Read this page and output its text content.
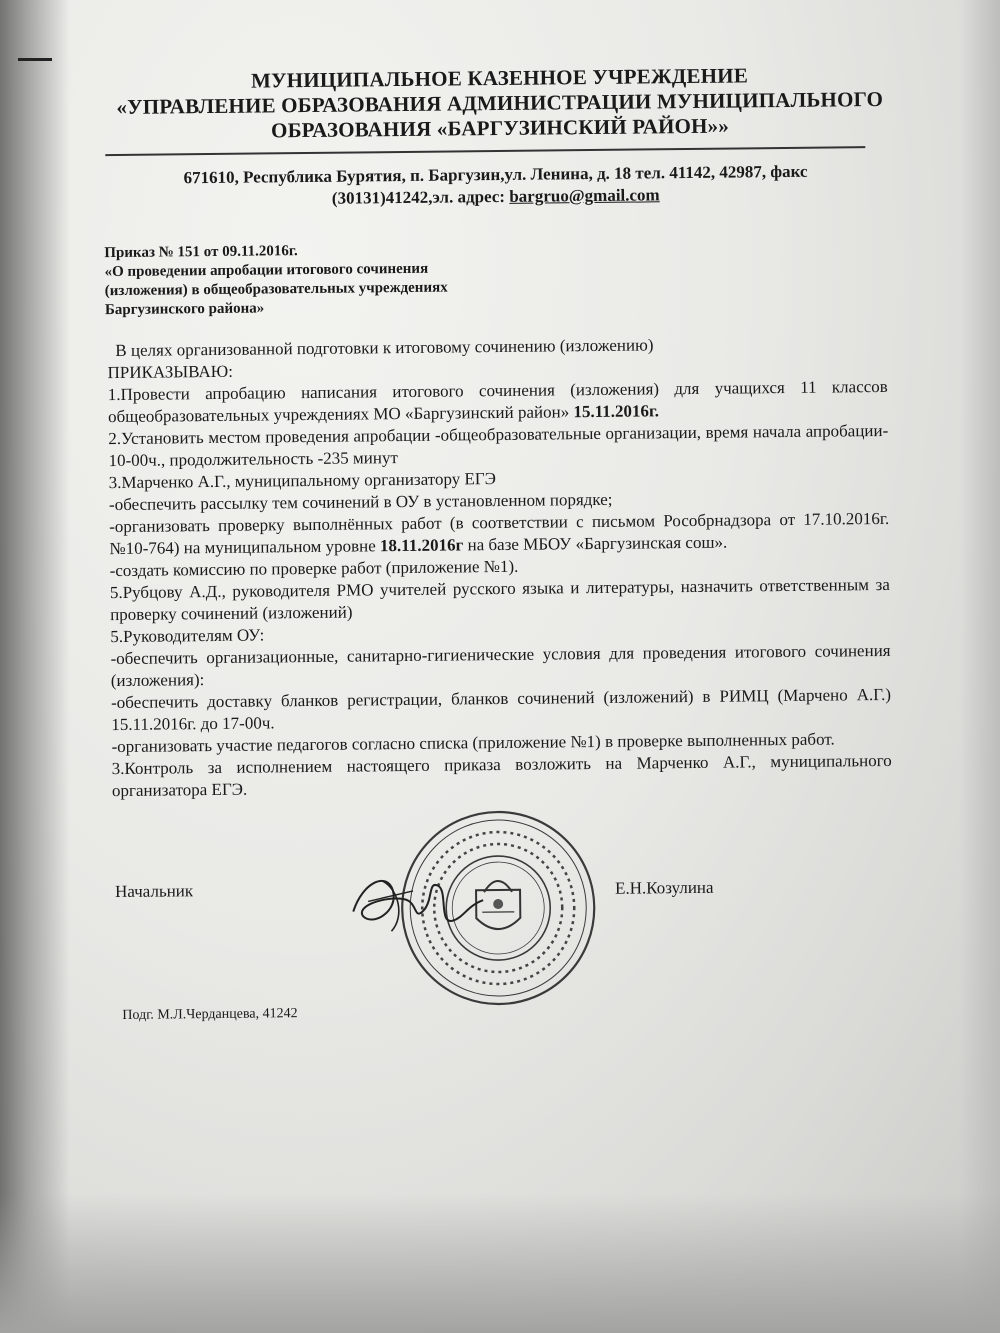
МУНИЦИПАЛЬНОЕ КАЗЕННОЕ УЧРЕЖДЕНИЕ
«УПРАВЛЕНИЕ ОБРАЗОВАНИЯ АДМИНИСТРАЦИИ МУНИЦИПАЛЬНОГО
ОБРАЗОВАНИЯ «БАРГУЗИНСКИЙ РАЙОН»»
671610, Республика Бурятия, п. Баргузин,ул. Ленина, д. 18 тел. 41142, 42987, факс
(30131)41242,эл. адрес: bargruo@gmail.com
Приказ № 151 от 09.11.2016г.
«О проведении апробации итогового сочинения
(изложения) в общеобразовательных учреждениях
Баргузинского района»

В целях организованной подготовки к итоговому сочинению (изложению)

ПРИКАЗЫВАЮ:

1.Провести апробацию написания итогового сочинения (изложения) для учащихся 11 классов общеобразовательных учреждениях МО «Баргузинский район» 15.11.2016г.

2.Установить местом проведения апробации -общеобразовательные организации, время начала апробации- 10-00ч., продолжительность -235 минут

3.Марченко А.Г., муниципальному организатору ЕГЭ

-обеспечить рассылку тем сочинений в ОУ в установленном порядке;

-организовать проверку выполнённых работ (в соответствии с письмом Рособрнадзора от 17.10.2016г. №10-764) на муниципальном уровне 18.11.2016г на базе МБОУ «Баргузинская сош».

-создать комиссию по проверке работ (приложение №1).

5.Рубцову А.Д., руководителя РМО учителей русского языка и литературы, назначить ответственным за проверку сочинений (изложений)

5.Руководителям ОУ:

-обеспечить организационные, санитарно-гигиенические условия для проведения итогового сочинения (изложения):

-обеспечить доставку бланков регистрации, бланков сочинений (изложений) в РИМЦ (Марчено А.Г.) 15.11.2016г. до 17-00ч.

-организовать участие педагогов согласно списка (приложение №1) в проверке выполненных работ.

3.Контроль за исполнением настоящего приказа возложить на Марченко А.Г., муниципального организатора ЕГЭ.

Начальник	Е.Н.Козулина
Подг. М.Л.Черданцева, 41242
